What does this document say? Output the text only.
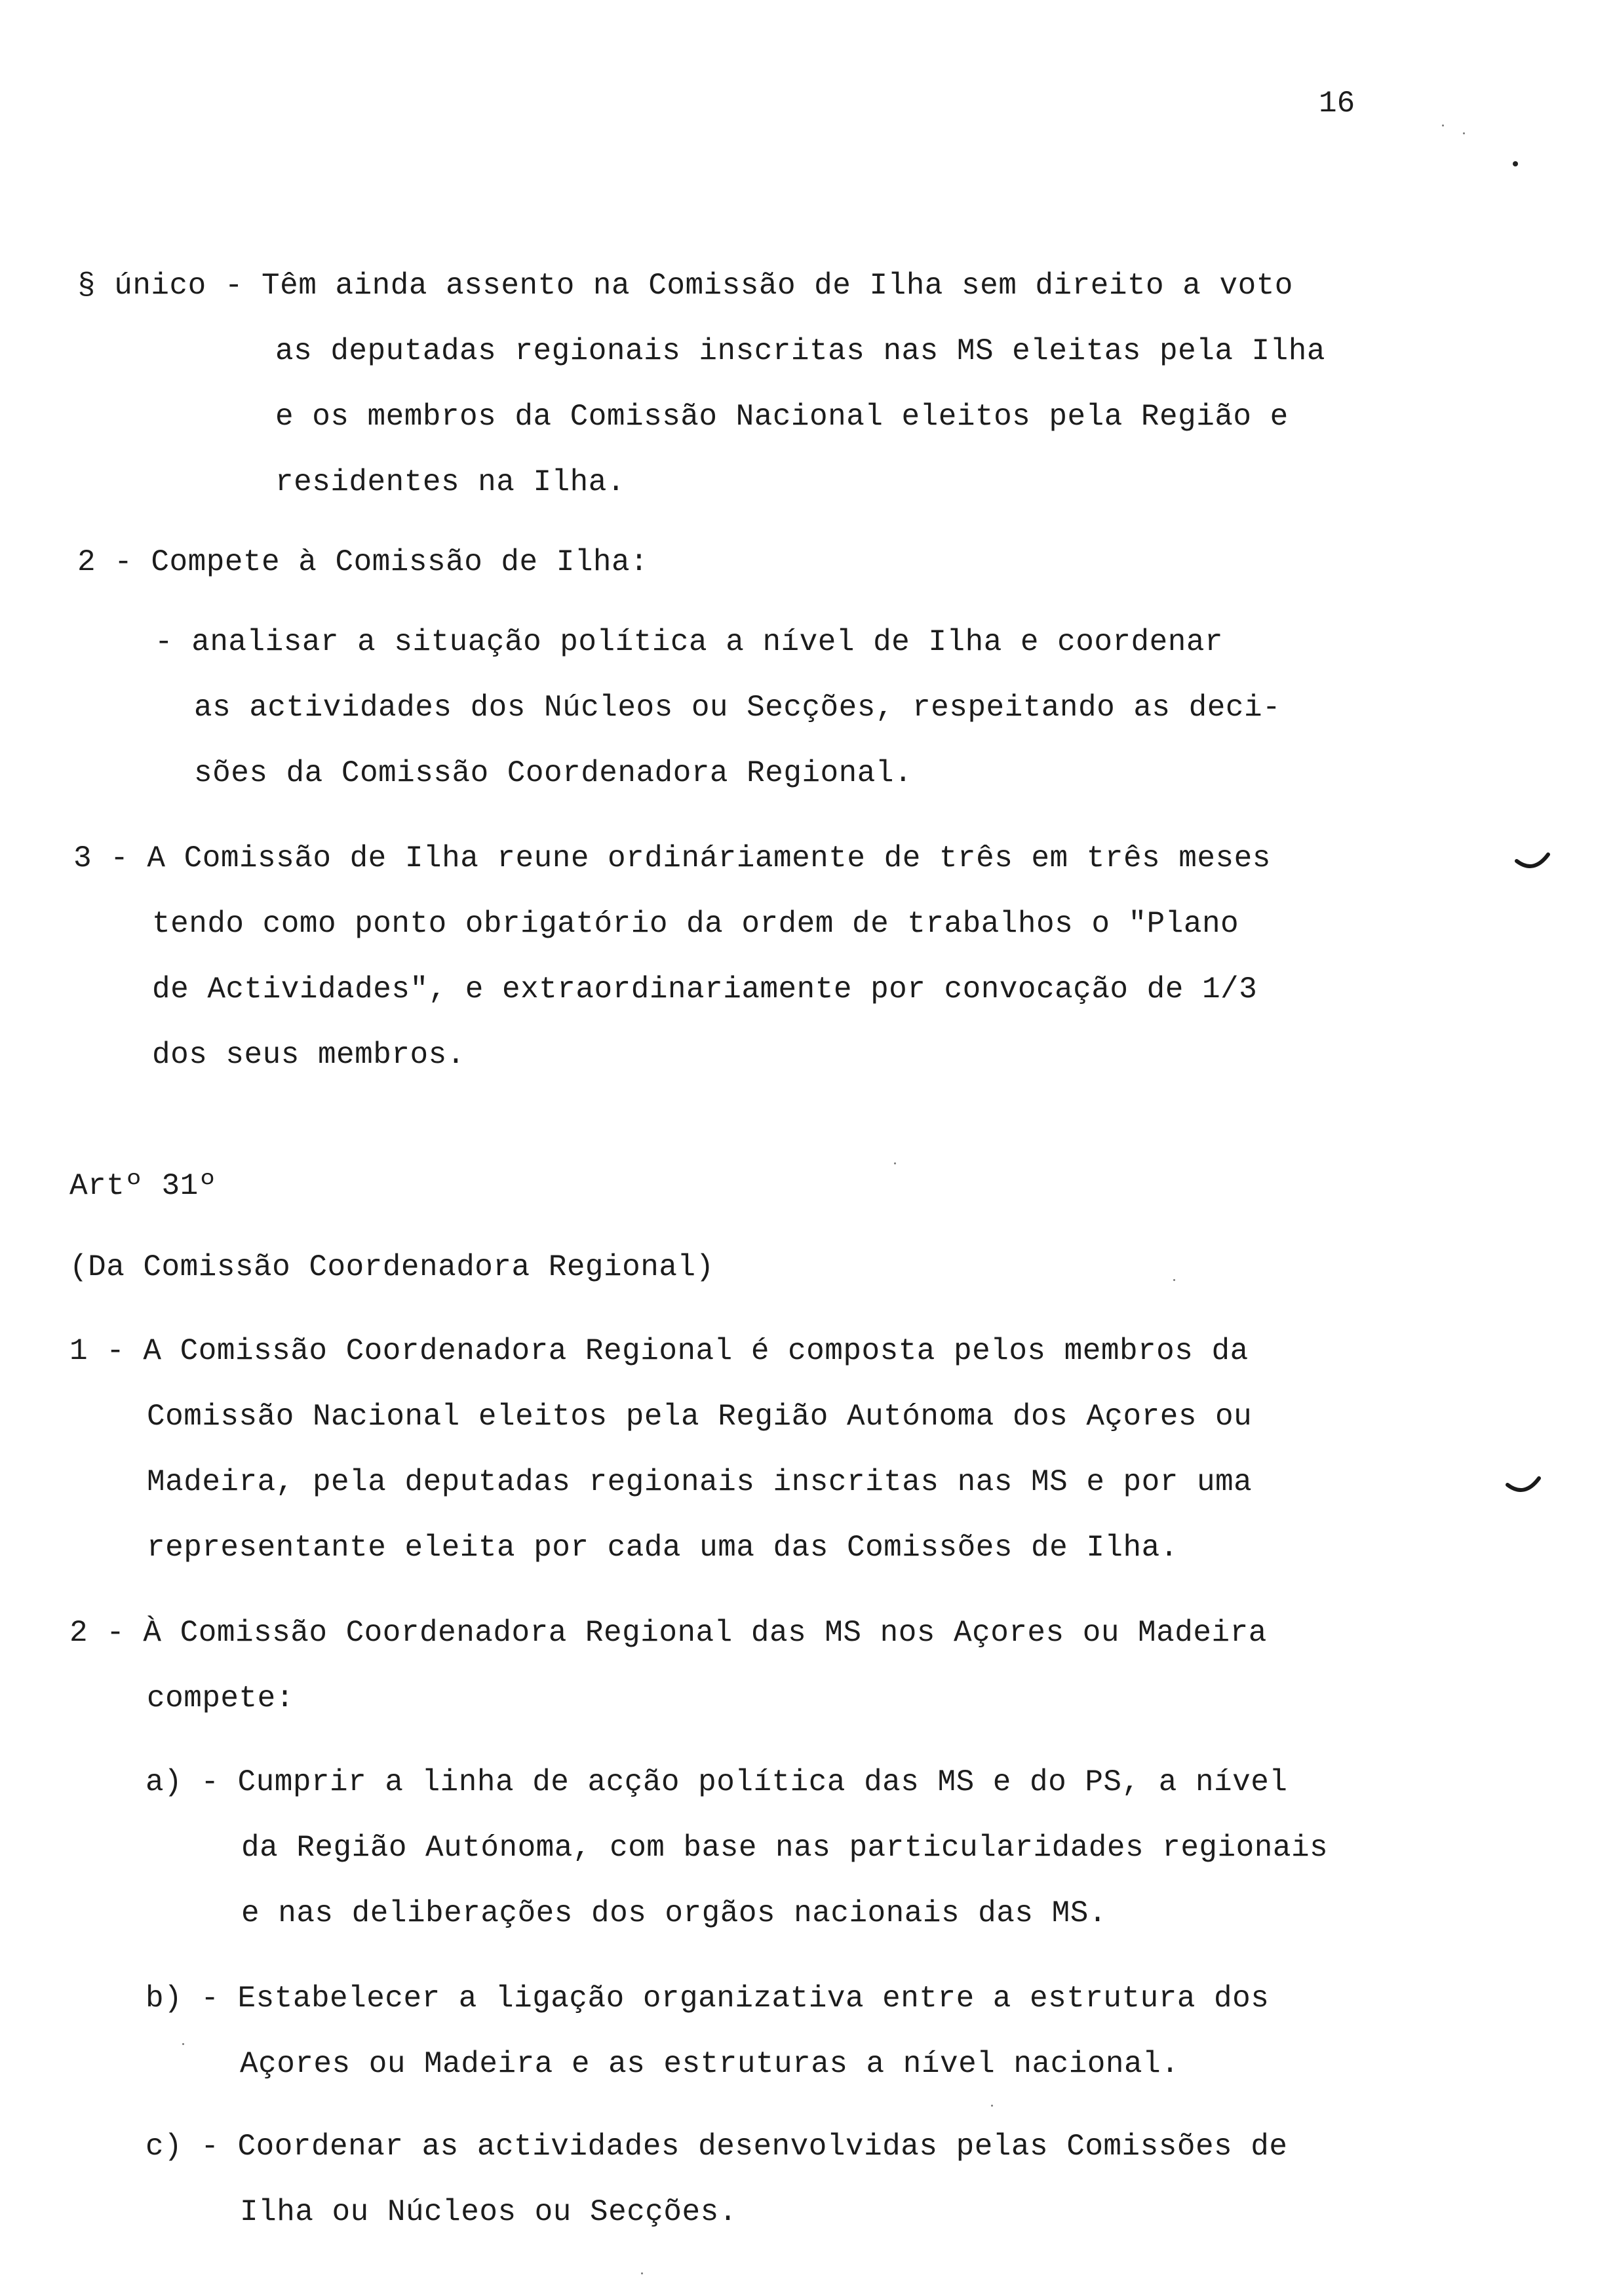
16
§ único - Têm ainda assento na Comissão de Ilha sem direito a voto
as deputadas regionais inscritas nas MS eleitas pela Ilha
e os membros da Comissão Nacional eleitos pela Região e
residentes na Ilha.
2 - Compete à Comissão de Ilha:
- analisar a situação política a nível de Ilha e coordenar
as actividades dos Núcleos ou Secções, respeitando as deci-
sões da Comissão Coordenadora Regional.
3 - A Comissão de Ilha reune ordináriamente de três em três meses
tendo como ponto obrigatório da ordem de trabalhos o "Plano
de Actividades", e extraordinariamente por convocação de 1/3
dos seus membros.
Artº 31º
(Da Comissão Coordenadora Regional)
1 - A Comissão Coordenadora Regional é composta pelos membros da
Comissão Nacional eleitos pela Região Autónoma dos Açores ou
Madeira, pela deputadas regionais inscritas nas MS e por uma
representante eleita por cada uma das Comissões de Ilha.
2 - À Comissão Coordenadora Regional das MS nos Açores ou Madeira
compete:
a) - Cumprir a linha de acção política das MS e do PS, a nível
da Região Autónoma, com base nas particularidades regionais
e nas deliberações dos orgãos nacionais das MS.
b) - Estabelecer a ligação organizativa entre a estrutura dos
Açores ou Madeira e as estruturas a nível nacional.
c) - Coordenar as actividades desenvolvidas pelas Comissões de
Ilha ou Núcleos ou Secções.
